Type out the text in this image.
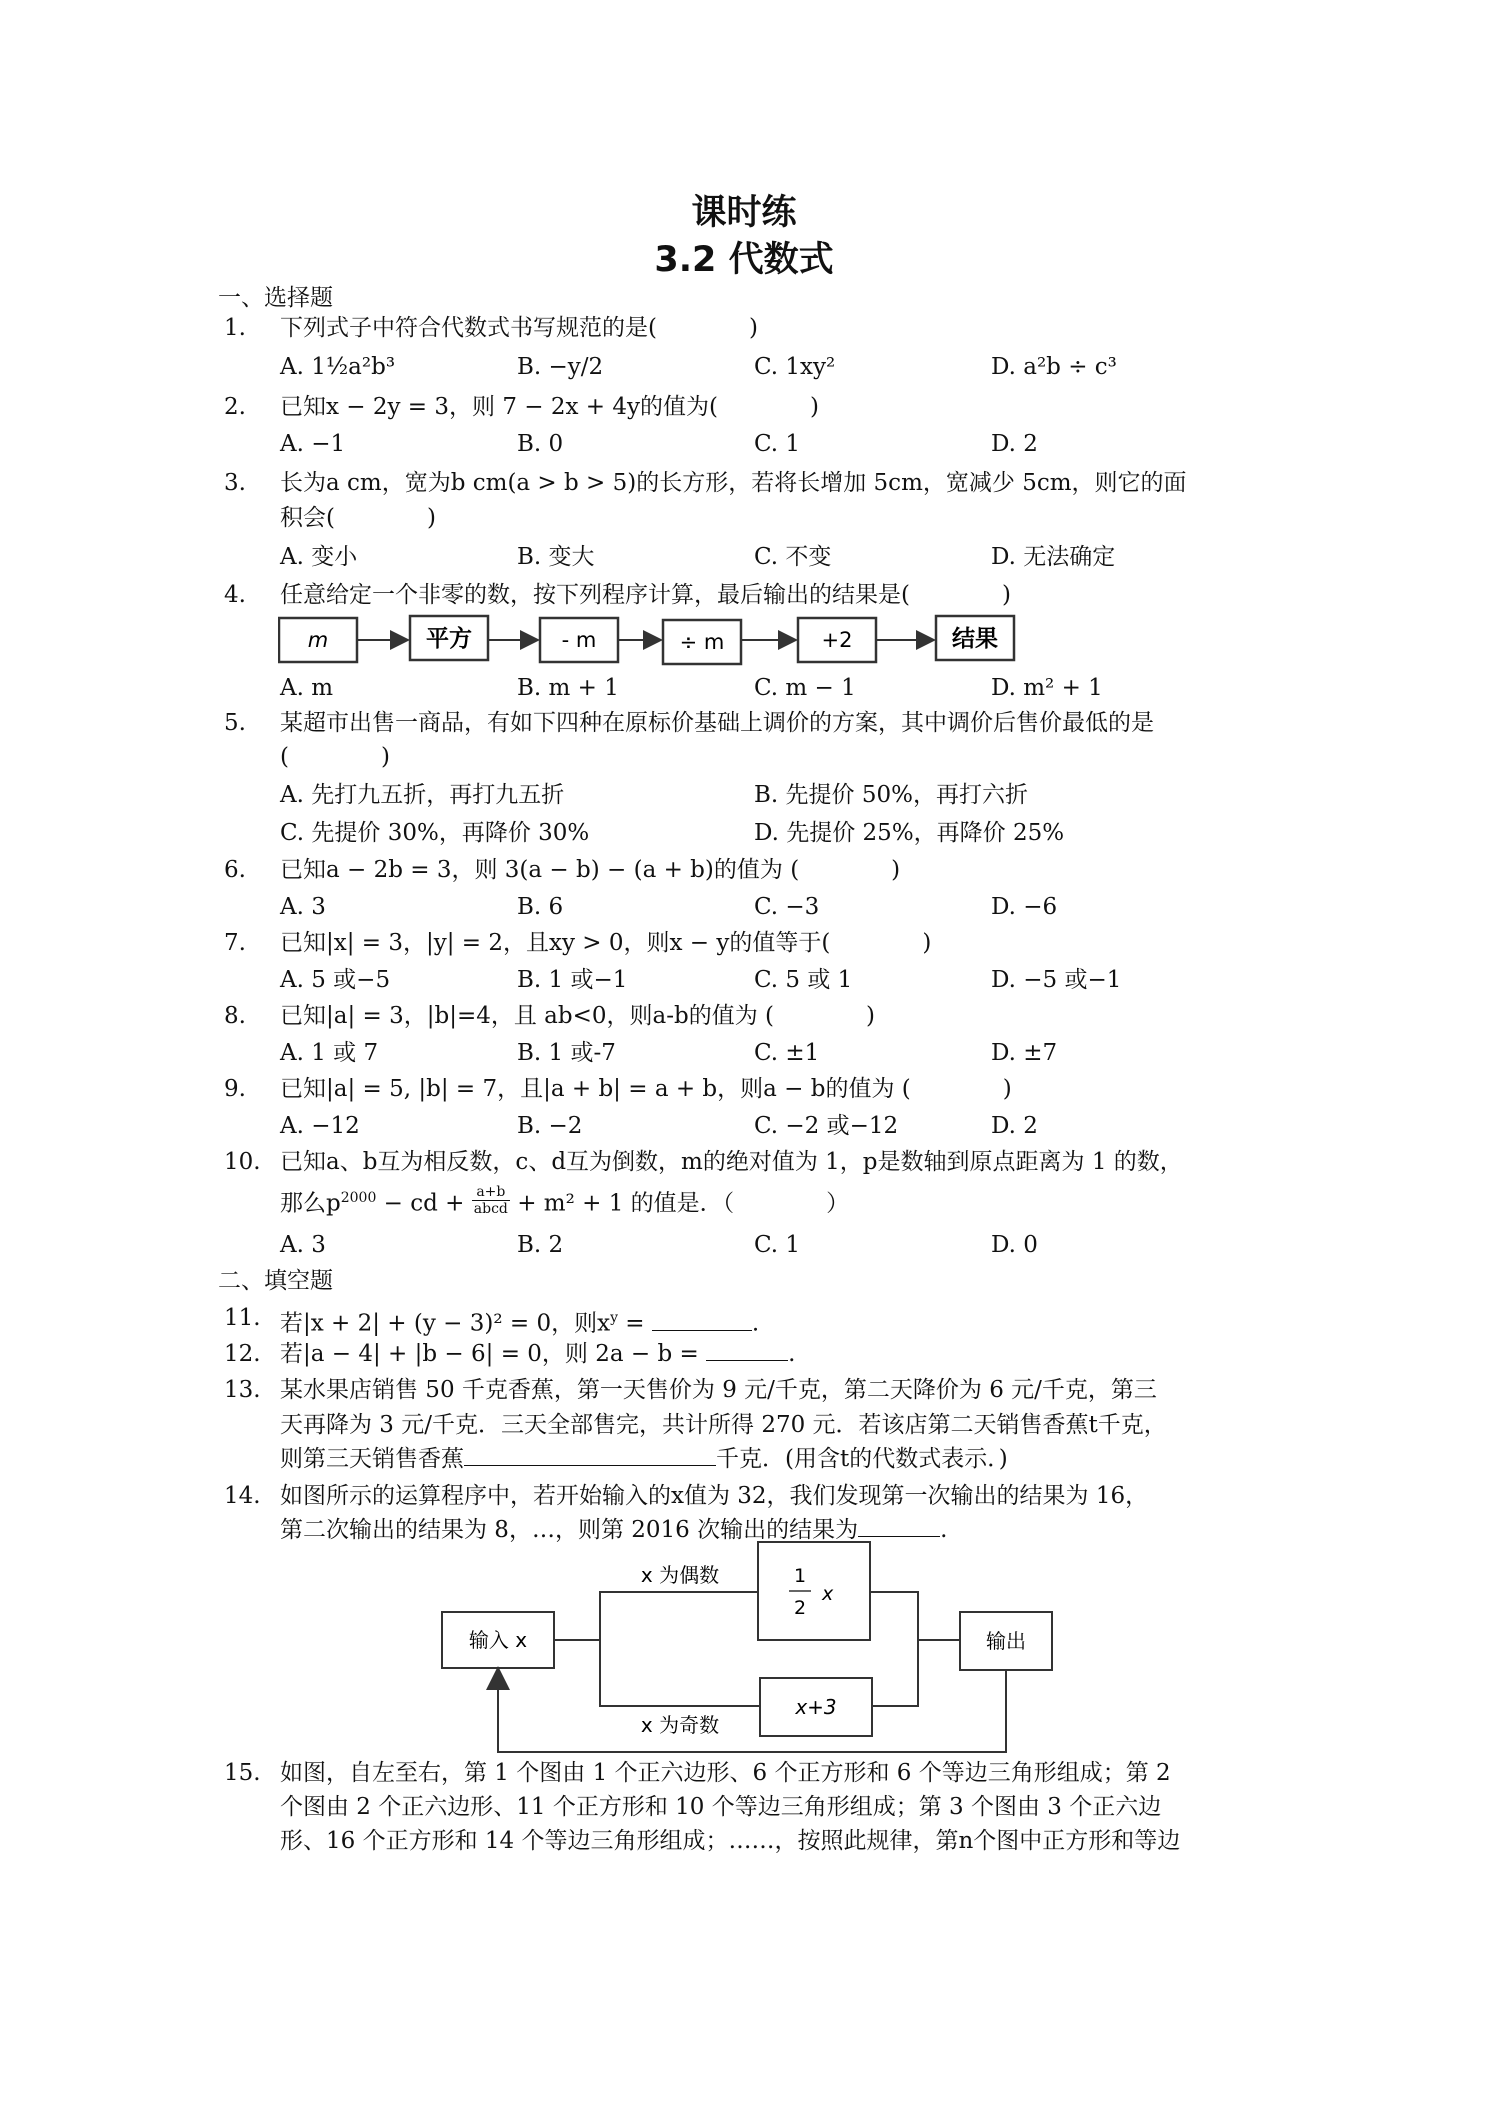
课时练
3.2 代数式
一、选择题
1. 下列式子中符合代数式书写规范的是(　　　　)
A. 1½a²b³	B. −y/2	C. 1xy²	D. a²b ÷ c³
2. 已知x − 2y = 3，则 7 − 2x + 4y的值为(　　　　)
A. −1	B. 0	C. 1	D. 2
3. 长为a cm，宽为b cm(a > b > 5)的长方形，若将长增加 5cm，宽减少 5cm，则它的面
积会(　　　　)
A. 变小	B. 变大	C. 不变	D. 无法确定
4. 任意给定一个非零的数，按下列程序计算，最后输出的结果是(　　　　)
m	平方	- m	÷ m	+2	结果
A. m	B. m + 1	C. m − 1	D. m² + 1
5. 某超市出售一商品，有如下四种在原标价基础上调价的方案，其中调价后售价最低的是
(　　　　)
A. 先打九五折，再打九五折	B. 先提价 50%，再打六折
C. 先提价 30%，再降价 30%	D. 先提价 25%，再降价 25%
6. 已知a − 2b = 3，则 3(a − b) − (a + b)的值为 (　　　　)
A. 3	B. 6	C. −3	D. −6
7. 已知|x| = 3，|y| = 2，且xy > 0，则x − y的值等于(　　　　)
A. 5 或−5	B. 1 或−1	C. 5 或 1	D. −5 或−1
8. 已知|a| = 3，|b|=4，且 ab<0，则a-b的值为 (　　　　)
A. 1 或 7	B. 1 或-7	C. ±1	D. ±7
9. 已知|a| = 5, |b| = 7，且|a + b| = a + b，则a − b的值为 (　　　　)
A. −12	B. −2	C. −2 或−12	D. 2
10. 已知a、b互为相反数，c、d互为倒数，m的绝对值为 1，p是数轴到原点距离为 1 的数，
那么$p^{2000}$ − cd + a+b
abcd + m² + 1 的值是．（　　　　）
A. 3	B. 2	C. 1	D. 0
二、填空题
11. 若|x + 2| + (y − 3)² = 0，则$x^y$ =	.
12. 若|a − 4| + |b − 6| = 0，则 2a − b =	.
13. 某水果店销售 50 千克香蕉，第一天售价为 9 元/千克，第二天降价为 6 元/千克，第三
天再降为 3 元/千克．三天全部售完，共计所得 270 元．若该店第二天销售香蕉t千克，
则第三天销售香蕉	千克．(用含t的代数式表示．)
14. 如图所示的运算程序中，若开始输入的x值为 32，我们发现第一次输出的结果为 16，
第二次输出的结果为 8，…，则第 2016 次输出的结果为	.
输入 x
1
2
x
x+3
输出
x 为偶数
x 为奇数
15. 如图，自左至右，第 1 个图由 1 个正六边形、6 个正方形和 6 个等边三角形组成；第 2
个图由 2 个正六边形、11 个正方形和 10 个等边三角形组成；第 3 个图由 3 个正六边
形、16 个正方形和 14 个等边三角形组成；……，按照此规律，第n个图中正方形和等边
